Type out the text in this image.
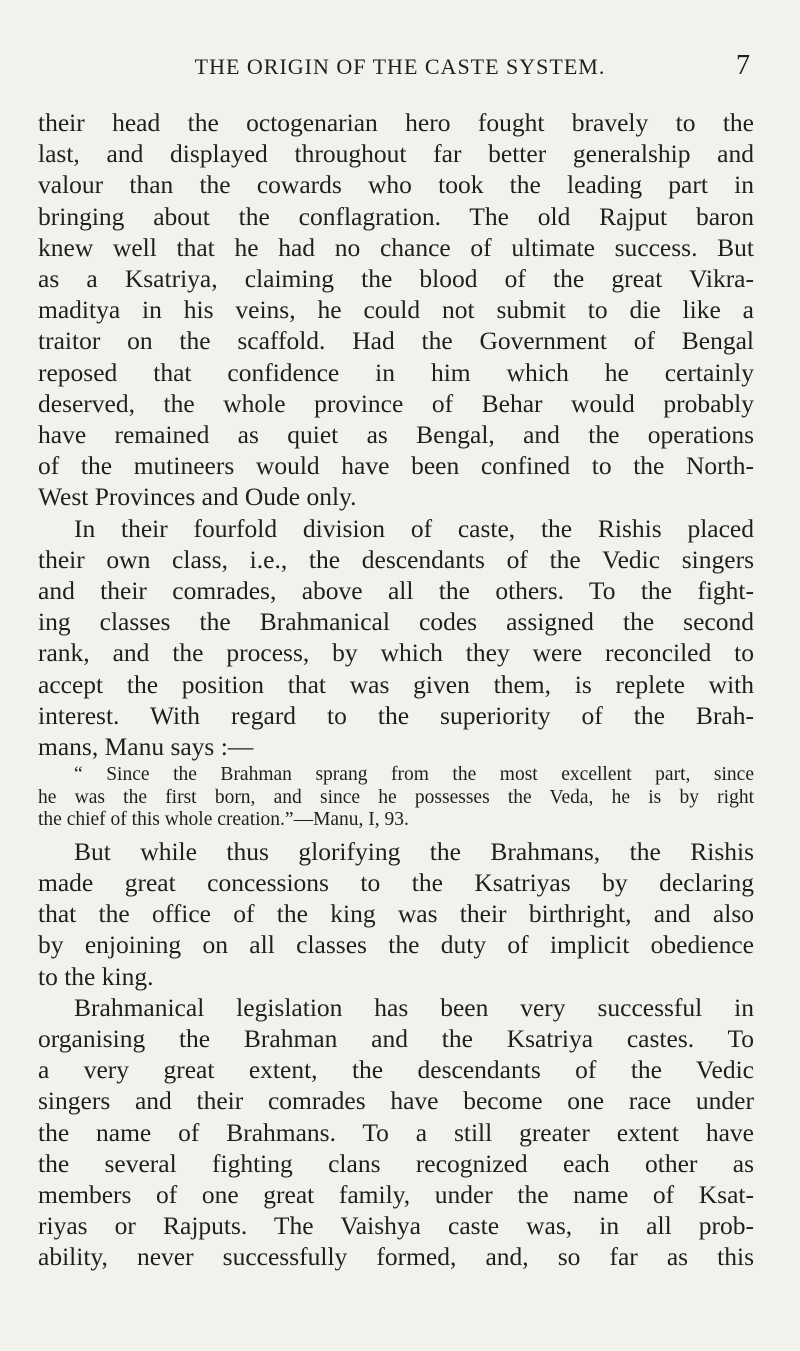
THE ORIGIN OF THE CASTE SYSTEM.	7
their head the octogenarian hero fought bravely to the
last, and displayed throughout far better generalship and
valour than the cowards who took the leading part in
bringing about the conflagration. The old Rajput baron
knew well that he had no chance of ultimate success. But
as a Ksatriya, claiming the blood of the great Vikra-
maditya in his veins, he could not submit to die like a
traitor on the scaffold. Had the Government of Bengal
reposed that confidence in him which he certainly
deserved, the whole province of Behar would probably
have remained as quiet as Bengal, and the operations
of the mutineers would have been confined to the North-
West Provinces and Oude only.
In their fourfold division of caste, the Rishis placed
their own class, i.e., the descendants of the Vedic singers
and their comrades, above all the others. To the fight-
ing classes the Brahmanical codes assigned the second
rank, and the process, by which they were reconciled to
accept the position that was given them, is replete with
interest. With regard to the superiority of the Brah-
mans, Manu says :—
“ Since the Brahman sprang from the most excellent part, since
he was the first born, and since he possesses the Veda, he is by right
the chief of this whole creation.”—Manu, I, 93.
But while thus glorifying the Brahmans, the Rishis
made great concessions to the Ksatriyas by declaring
that the office of the king was their birthright, and also
by enjoining on all classes the duty of implicit obedience
to the king.
Brahmanical legislation has been very successful in
organising the Brahman and the Ksatriya castes. To
a very great extent, the descendants of the Vedic
singers and their comrades have become one race under
the name of Brahmans. To a still greater extent have
the several fighting clans recognized each other as
members of one great family, under the name of Ksat-
riyas or Rajputs. The Vaishya caste was, in all prob-
ability, never successfully formed, and, so far as this
